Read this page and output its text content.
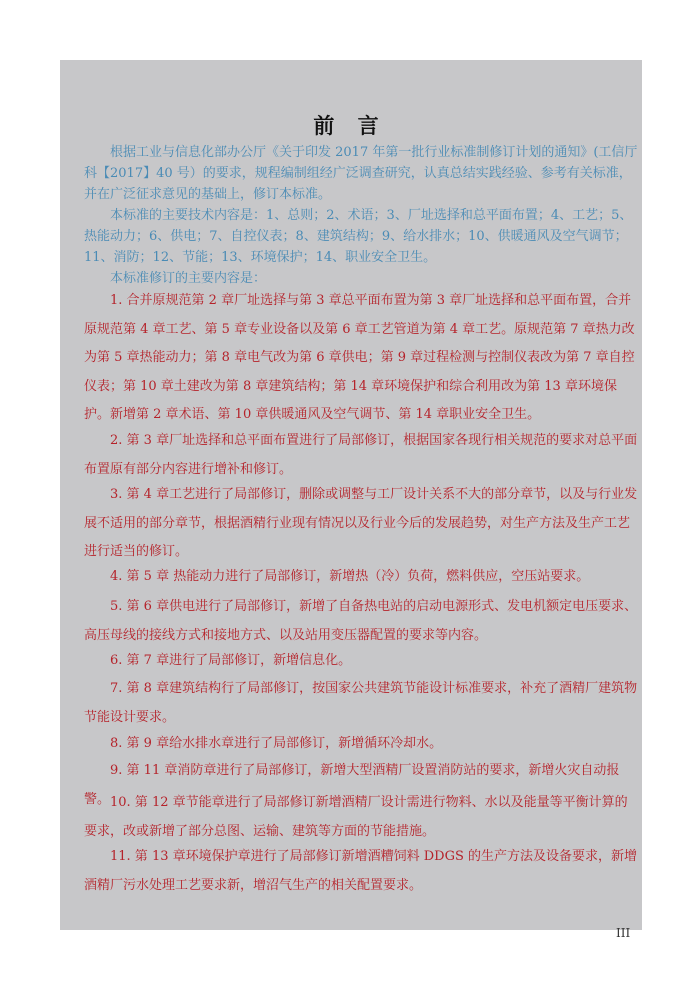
前 言
根据工业与信息化部办公厅《关于印发 2017 年第一批行业标准制修订计划的通知》(工信厅科【2017】40 号）的要求，规程编制组经广泛调查研究，认真总结实践经验、参考有关标准，并在广泛征求意见的基础上，修订本标准。
本标准的主要技术内容是：1、总则；2、术语；3、厂址选择和总平面布置；4、工艺；5、热能动力；6、供电；7、自控仪表；8、建筑结构；9、给水排水；10、供暖通风及空气调节；11、消防；12、节能；13、环境保护；14、职业安全卫生。
本标准修订的主要内容是：
1. 合并原规范第 2 章厂址选择与第 3 章总平面布置为第 3 章厂址选择和总平面布置，合并原规范第 4 章工艺、第 5 章专业设备以及第 6 章工艺管道为第 4 章工艺。原规范第 7 章热力改为第 5 章热能动力；第 8 章电气改为第 6 章供电；第 9 章过程检测与控制仪表改为第 7 章自控仪表；第 10 章土建改为第 8 章建筑结构；第 14 章环境保护和综合利用改为第 13 章环境保护。新增第 2 章术语、第 10 章供暖通风及空气调节、第 14 章职业安全卫生。
2. 第 3 章厂址选择和总平面布置进行了局部修订，根据国家各现行相关规范的要求对总平面布置原有部分内容进行增补和修订。
3. 第 4 章工艺进行了局部修订，删除或调整与工厂设计关系不大的部分章节，以及与行业发展不适用的部分章节，根据酒精行业现有情况以及行业今后的发展趋势，对生产方法及生产工艺进行适当的修订。
4. 第 5 章 热能动力进行了局部修订，新增热（冷）负荷，燃料供应，空压站要求。
5. 第 6 章供电进行了局部修订，新增了自备热电站的启动电源形式、发电机额定电压要求、高压母线的接线方式和接地方式、以及站用变压器配置的要求等内容。
6. 第 7 章进行了局部修订，新增信息化。
7. 第 8 章建筑结构行了局部修订，按国家公共建筑节能设计标准要求，补充了酒精厂建筑物节能设计要求。
8. 第 9 章给水排水章进行了局部修订，新增循环冷却水。
9. 第 11 章消防章进行了局部修订，新增大型酒精厂设置消防站的要求，新增火灾自动报警。 10. 第 12 章节能章进行了局部修订新增酒精厂设计需进行物料、水以及能量等平衡计算的要求，改或新增了部分总图、运输、建筑等方面的节能措施。
11. 第 13 章环境保护章进行了局部修订新增酒糟饲料 DDGS 的生产方法及设备要求，新增酒精厂污水处理工艺要求新，增沼气生产的相关配置要求。
III
